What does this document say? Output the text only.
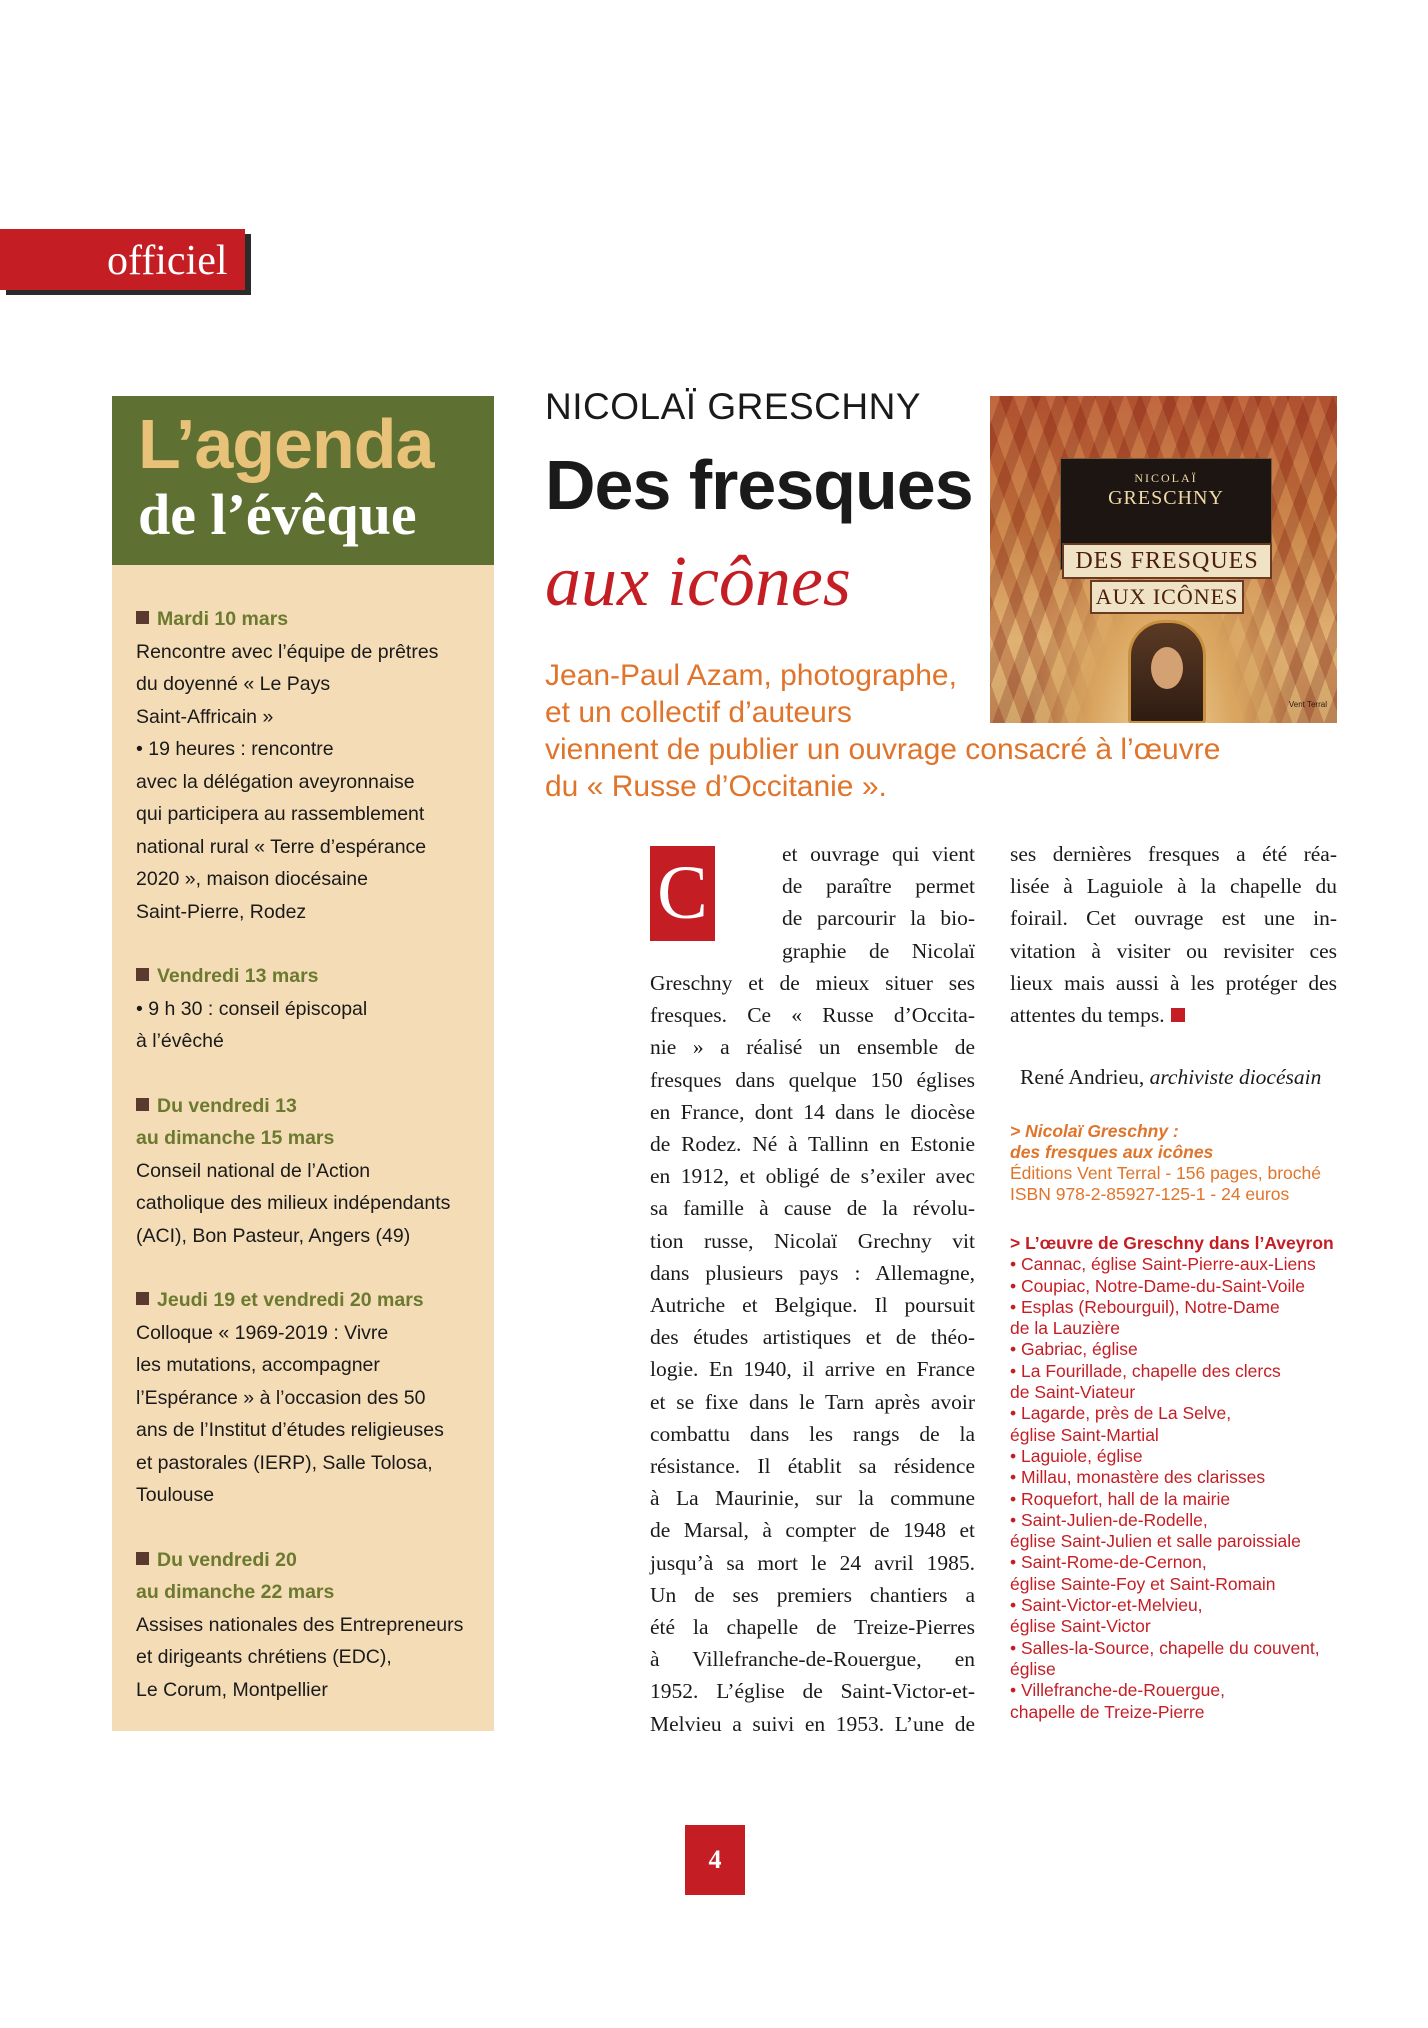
officiel
L’agenda
de l’évêque
Mardi 10 mars
Rencontre avec l’équipe de prêtres
du doyenné « Le Pays
Saint-Affricain »
• 19 heures : rencontre
avec la délégation aveyronnaise
qui participera au rassemblement
national rural « Terre d’espérance
2020 », maison diocésaine
Saint-Pierre, Rodez
Vendredi 13 mars
• 9 h 30 : conseil épiscopal
à l’évêché
Du vendredi 13
au dimanche 15 mars
Conseil national de l’Action
catholique des milieux indépendants
(ACI), Bon Pasteur, Angers (49)
Jeudi 19 et vendredi 20 mars
Colloque « 1969-2019 : Vivre
les mutations, accompagner
l’Espérance » à l’occasion des 50
ans de l’Institut d’études religieuses
et pastorales (IERP), Salle Tolosa,
Toulouse
Du vendredi 20
au dimanche 22 mars
Assises nationales des Entrepreneurs
et dirigeants chrétiens (EDC),
Le Corum, Montpellier
NICOLAÏ GRESCHNY
Des fresques
aux icônes
Jean-Paul Azam, photographe,
et un collectif d’auteurs
viennent de publier un ouvrage consacré à l’œuvre
du « Russe d’Occitanie ».
NICOLAÏ
GRESCHNY
DES FRESQUES
AUX ICÔNES
Vent Terral
C	et ouvrage qui vient
de paraître permet
de parcourir la bio-
graphie de Nicolaï
Greschny et de mieux situer ses
fresques. Ce « Russe d’Occita-
nie » a réalisé un ensemble de
fresques dans quelque 150 églises
en France, dont 14 dans le diocèse
de Rodez. Né à Tallinn en Estonie
en 1912, et obligé de s’exiler avec
sa famille à cause de la révolu-
tion russe, Nicolaï Grechny vit
dans plusieurs pays : Allemagne,
Autriche et Belgique. Il poursuit
des études artistiques et de théo-
logie. En 1940, il arrive en France
et se fixe dans le Tarn après avoir
combattu dans les rangs de la
résistance. Il établit sa résidence
à La Maurinie, sur la commune
de Marsal, à compter de 1948 et
jusqu’à sa mort le 24 avril 1985.
Un de ses premiers chantiers a
été la chapelle de Treize-Pierres
à Villefranche-de-Rouergue, en
1952. L’église de Saint-Victor-et-
Melvieu a suivi en 1953. L’une de
ses dernières fresques a été réa-
lisée à Laguiole à la chapelle du
foirail. Cet ouvrage est une in-
vitation à visiter ou revisiter ces
lieux mais aussi à les protéger des
attentes du temps.
René Andrieu, archiviste diocésain
> Nicolaï Greschny :
des fresques aux icônes
Éditions Vent Terral - 156 pages, broché
ISBN 978-2-85927-125-1 - 24 euros
> L’œuvre de Greschny dans l’Aveyron
• Cannac, église Saint-Pierre-aux-Liens
• Coupiac, Notre-Dame-du-Saint-Voile
• Esplas (Rebourguil), Notre-Dame
de la Lauzière
• Gabriac, église
• La Fourillade, chapelle des clercs
de Saint-Viateur
• Lagarde, près de La Selve,
église Saint-Martial
• Laguiole, église
• Millau, monastère des clarisses
• Roquefort, hall de la mairie
• Saint-Julien-de-Rodelle,
église Saint-Julien et salle paroissiale
• Saint-Rome-de-Cernon,
église Sainte-Foy et Saint-Romain
• Saint-Victor-et-Melvieu,
église Saint-Victor
• Salles-la-Source, chapelle du couvent,
église
• Villefranche-de-Rouergue,
chapelle de Treize-Pierre
4
